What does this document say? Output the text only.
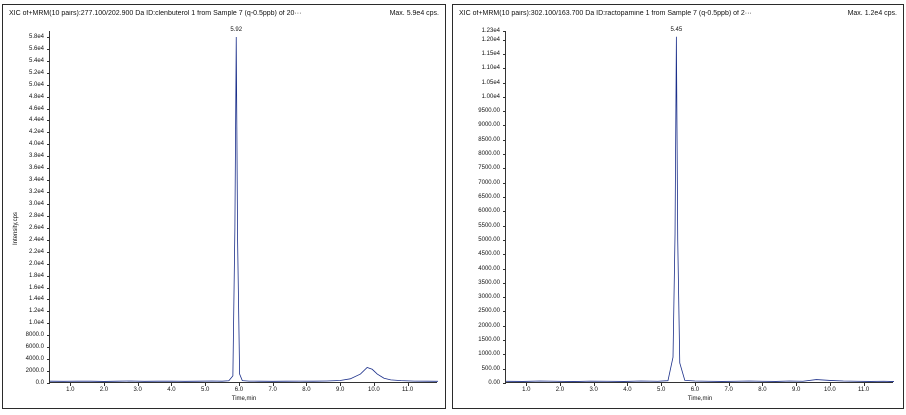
XIC of+MRM(10 pairs):277.100/202.900 Da ID:clenbuterol 1 from Sample 7 (q-0.5ppb) of 20···	Max. 5.9e4 cps.
Intensity,cps
5.8e4
5.6e4
5.4e4
5.2e4
5.0e4
4.8e4
4.6e4
4.4e4
4.2e4
4.0e4
3.8e4
3.6e4
3.4e4
3.2e4
3.0e4
2.8e4
2.6e4
2.4e4
2.2e4
2.0e4
1.8e4
1.6e4
1.4e4
1.2e4
1.0e4
8000.0
6000.0
4000.0
2000.0
0.0
1.0	2.0	3.0	4.0	5.0	6.0	7.0	8.0	9.0	10.0	11.0
Time,min
5.92
XIC of+MRM(10 pairs):302.100/163.700 Da ID:ractopamine 1 from Sample 7 (q-0.5ppb) of 2···	Max. 1.2e4 cps.
1.23e4
1.20e4
1.15e4
1.10e4
1.05e4
1.00e4
9500.00
9000.00
8500.00
8000.00
7500.00
7000.00
6500.00
6000.00
5500.00
5000.00
4500.00
4000.00
3500.00
3000.00
2500.00
2000.00
1500.00
1000.00
500.00
0.00
1.0	2.0	3.0	4.0	5.0	6.0	7.0	8.0	9.0	10.0	11.0
Time,min
5.45
